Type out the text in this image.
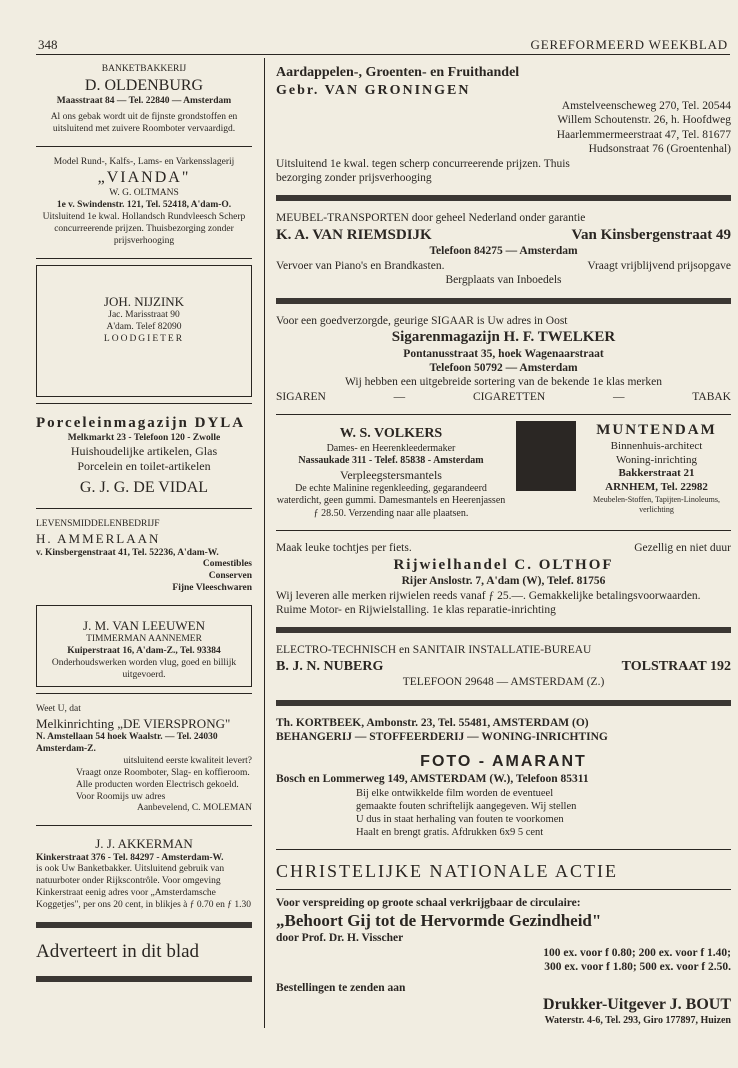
348	GEREFORMEERD WEEKBLAD
BANKETBAKKERIJ
D. OLDENBURG
Maasstraat 84 — Tel. 22840 — Amsterdam
Al ons gebak wordt uit de fijnste grondstoffen en uitsluitend met zuivere Roomboter vervaardigd.
Model Rund-, Kalfs-, Lams- en Varkensslagerij
„VIANDA"
W. G. OLTMANS
1e v. Swindenstr. 121, Tel. 52418, A'dam-O.
Uitsluitend 1e kwal. Hollandsch Rundvleesch Scherp concurreerende prijzen. Thuisbezorging zonder prijsverhooging
JOH. NIJZINK
Jac. Marisstraat 90
A'dam. Telef 82090
LOODGIETER
Porceleinmagazijn DYLA
Melkmarkt 23 - Telefoon 120 - Zwolle
Huishoudelijke artikelen, Glas
Porcelein en toilet-artikelen
G. J. G. DE VIDAL
LEVENSMIDDELENBEDRIJF
H. AMMERLAAN
v. Kinsbergenstraat 41, Tel. 52236, A'dam-W.
Comestibles
Conserven
Fijne Vleeschwaren
J. M. VAN LEEUWEN
TIMMERMAN AANNEMER
Kuiperstraat 16, A'dam-Z., Tel. 93384
Onderhoudswerken worden vlug, goed en billijk uitgevoerd.
Weet U, dat
Melkinrichting „DE VIERSPRONG"
N. Amstellaan 54 hoek Waalstr. — Tel. 24030 Amsterdam-Z.
uitsluitend eerste kwaliteit levert?
Vraagt onze Roomboter, Slag- en koffieroom. Alle producten worden Electrisch gekoeld. Voor Roomijs uw adres
Aanbevelend, C. MOLEMAN
J. J. AKKERMAN
Kinkerstraat 376 - Tel. 84297 - Amsterdam-W.
is ook Uw Banketbakker. Uitsluitend gebruik van natuurboter onder Rijkscontrôle. Voor omgeving Kinkerstraat eenig adres voor „Amsterdamsche Koggetjes", per ons 20 cent, in blikjes à ƒ 0.70 en ƒ 1.30
Adverteert in dit blad
Aardappelen-, Groenten- en Fruithandel
Gebr. VAN GRONINGEN
Amstelveenscheweg 270, Tel. 20544
Willem Schoutenstr. 26, h. Hoofdweg
Haarlemmermeerstraat 47, Tel. 81677
Hudsonstraat 76 (Groentenhal)
Uitsluitend 1e kwal. tegen scherp concurreerende prijzen. Thuis bezorging zonder prijsverhooging
MEUBEL-TRANSPORTEN door geheel Nederland onder garantie
K. A. VAN RIEMSDIJK	Van Kinsbergenstraat 49
Telefoon 84275 — Amsterdam
Vervoer van Piano's en Brandkasten.	Vraagt vrijblijvend prijsopgave
Bergplaats van Inboedels
Voor een goedverzorgde, geurige SIGAAR is Uw adres in Oost
Sigarenmagazijn H. F. TWELKER
Pontanusstraat 35, hoek Wagenaarstraat
Telefoon 50792 — Amsterdam
Wij hebben een uitgebreide sortering van de bekende 1e klas merken
SIGAREN	—	CIGARETTEN	—	TABAK
W. S. VOLKERS
Dames- en Heerenkleedermaker
Nassaukade 311 - Telef. 85838 - Amsterdam
Verpleegstersmantels
De echte Malinine regenkleeding, gegarandeerd waterdicht, geen gummi. Damesmantels en Heerenjassen ƒ 28.50. Verzending naar alle plaatsen.
MUNTENDAM
Binnenhuis-architect
Woning-inrichting
Bakkerstraat 21
ARNHEM, Tel. 22982
Meubelen-Stoffen, Tapijten-Linoleums, verlichting
Maak leuke tochtjes per fiets.	Gezellig en niet duur
Rijwielhandel C. OLTHOF
Rijer Anslostr. 7, A'dam (W), Telef. 81756
Wij leveren alle merken rijwielen reeds vanaf ƒ 25.—. Gemakkelijke betalingsvoorwaarden. Ruime Motor- en Rijwielstalling. 1e klas reparatie-inrichting
ELECTRO-TECHNISCH en SANITAIR INSTALLATIE-BUREAU
B. J. N. NUBERG	TOLSTRAAT 192
TELEFOON 29648 — AMSTERDAM (Z.)
Th. KORTBEEK, Ambonstr. 23, Tel. 55481, AMSTERDAM (O)
BEHANGERIJ — STOFFEERDERIJ — WONING-INRICHTING
FOTO - AMARANT
Bosch en Lommerweg 149, AMSTERDAM (W.), Telefoon 85311
Bij elke ontwikkelde film worden de eventueel
gemaakte fouten schriftelijk aangegeven. Wij stellen
U dus in staat herhaling van fouten te voorkomen
Haalt en brengt gratis. Afdrukken 6x9 5 cent
CHRISTELIJKE NATIONALE ACTIE
Voor verspreiding op groote schaal verkrijgbaar de circulaire:
„Behoort Gij tot de Hervormde Gezindheid"
door Prof. Dr. H. Visscher
100 ex. voor f 0.80; 200 ex. voor f 1.40;
300 ex. voor f 1.80; 500 ex. voor f 2.50.
Bestellingen te zenden aan
Drukker-Uitgever J. BOUT
Waterstr. 4-6, Tel. 293, Giro 177897, Huizen
